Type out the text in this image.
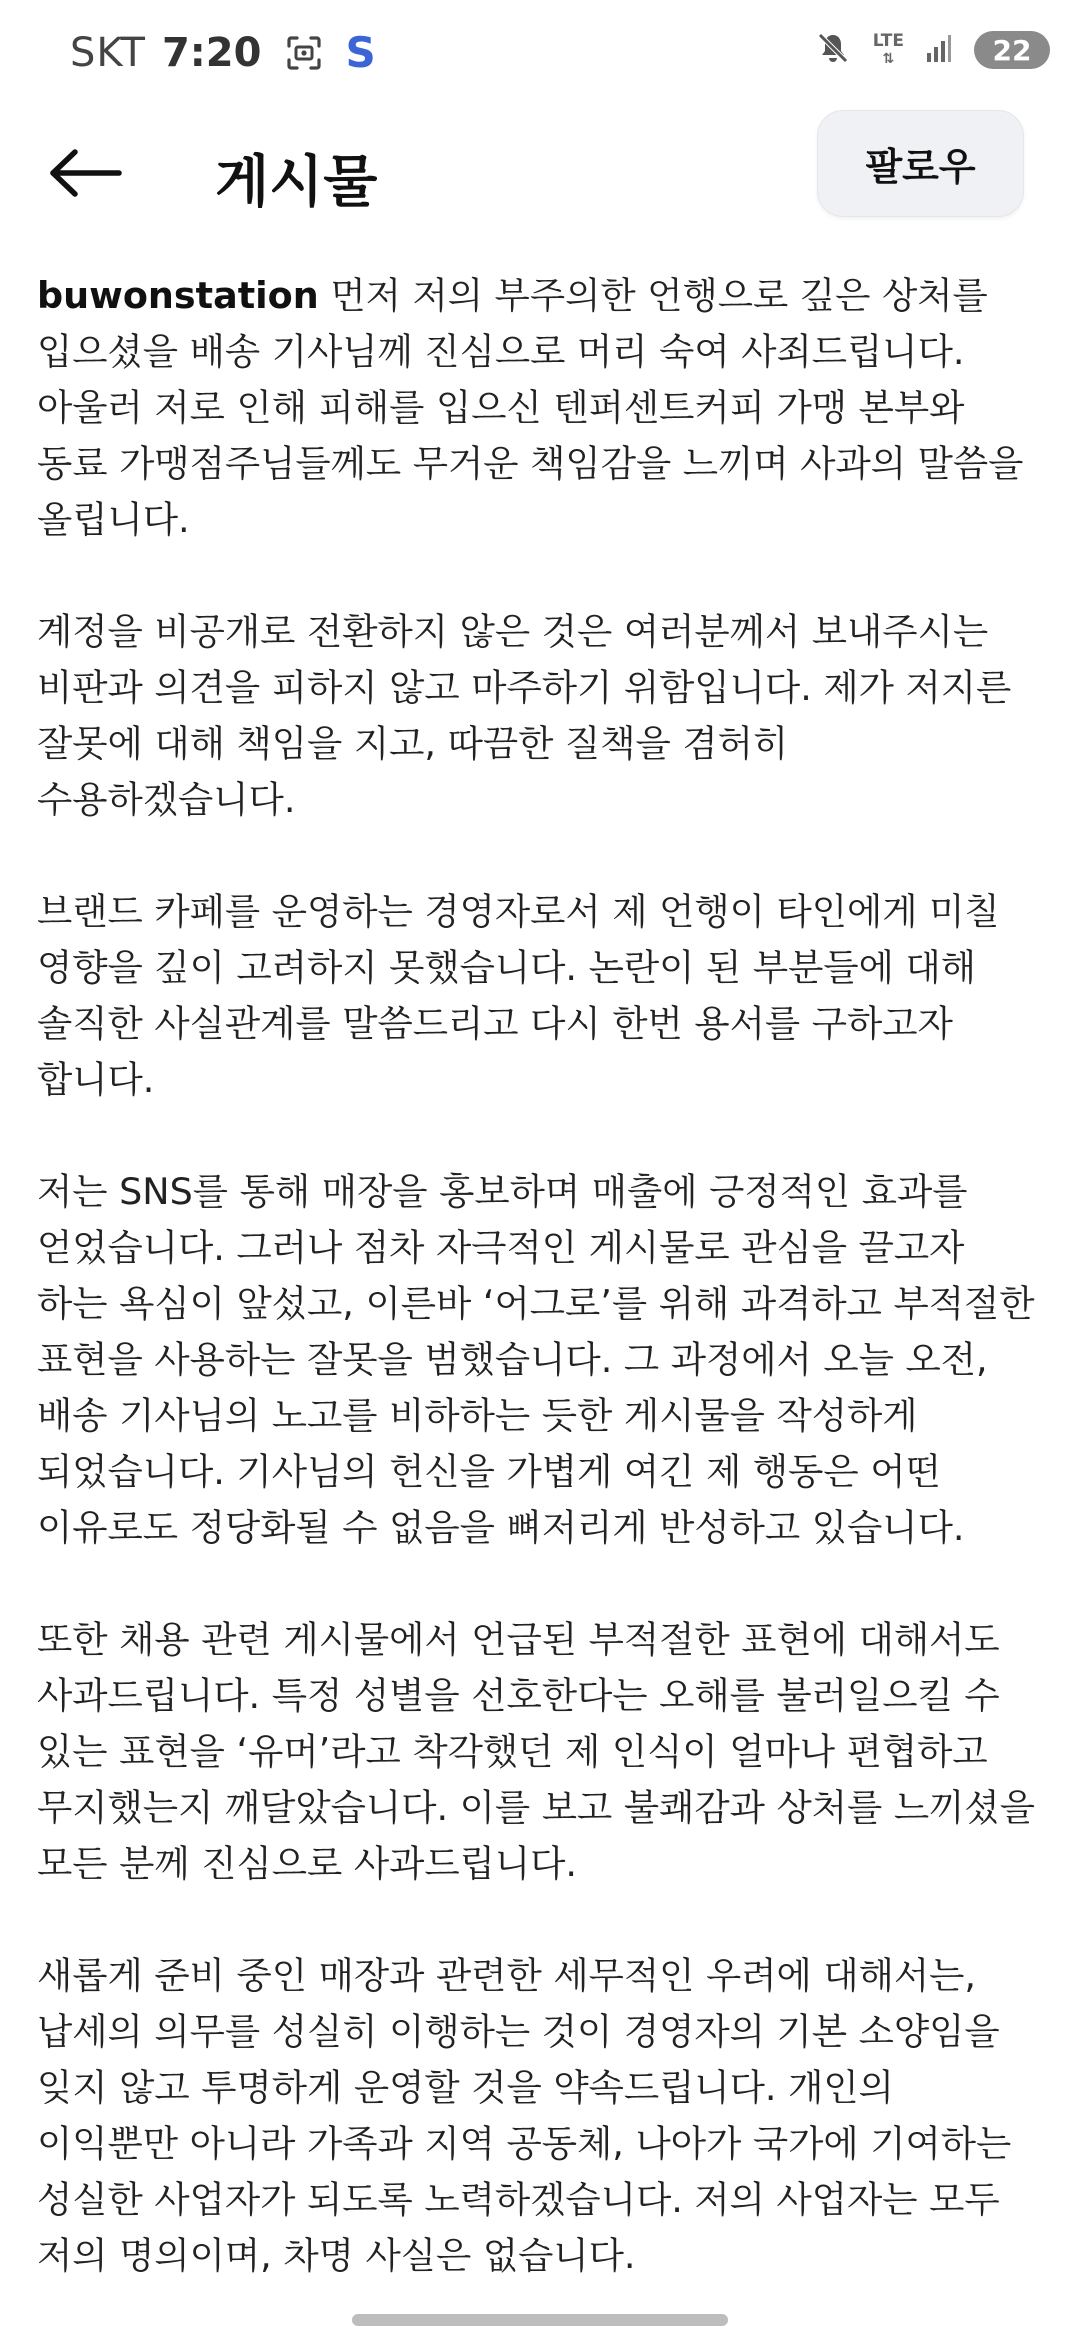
SKT 7:20 S	LTE
⇅	22
게시물	팔로우
buwonstation 먼저 저의 부주의한 언행으로 깊은 상처를
입으셨을 배송 기사님께 진심으로 머리 숙여 사죄드립니다.
아울러 저로 인해 피해를 입으신 텐퍼센트커피 가맹 본부와
동료 가맹점주님들께도 무거운 책임감을 느끼며 사과의 말씀을
올립니다.
계정을 비공개로 전환하지 않은 것은 여러분께서 보내주시는
비판과 의견을 피하지 않고 마주하기 위함입니다. 제가 저지른
잘못에 대해 책임을 지고, 따끔한 질책을 겸허히
수용하겠습니다.
브랜드 카페를 운영하는 경영자로서 제 언행이 타인에게 미칠
영향을 깊이 고려하지 못했습니다. 논란이 된 부분들에 대해
솔직한 사실관계를 말씀드리고 다시 한번 용서를 구하고자
합니다.
저는 SNS를 통해 매장을 홍보하며 매출에 긍정적인 효과를
얻었습니다. 그러나 점차 자극적인 게시물로 관심을 끌고자
하는 욕심이 앞섰고, 이른바 ‘어그로’를 위해 과격하고 부적절한
표현을 사용하는 잘못을 범했습니다. 그 과정에서 오늘 오전,
배송 기사님의 노고를 비하하는 듯한 게시물을 작성하게
되었습니다. 기사님의 헌신을 가볍게 여긴 제 행동은 어떤
이유로도 정당화될 수 없음을 뼈저리게 반성하고 있습니다.
또한 채용 관련 게시물에서 언급된 부적절한 표현에 대해서도
사과드립니다. 특정 성별을 선호한다는 오해를 불러일으킬 수
있는 표현을 ‘유머’라고 착각했던 제 인식이 얼마나 편협하고
무지했는지 깨달았습니다. 이를 보고 불쾌감과 상처를 느끼셨을
모든 분께 진심으로 사과드립니다.
새롭게 준비 중인 매장과 관련한 세무적인 우려에 대해서는,
납세의 의무를 성실히 이행하는 것이 경영자의 기본 소양임을
잊지 않고 투명하게 운영할 것을 약속드립니다. 개인의
이익뿐만 아니라 가족과 지역 공동체, 나아가 국가에 기여하는
성실한 사업자가 되도록 노력하겠습니다. 저의 사업자는 모두
저의 명의이며, 차명 사실은 없습니다.
